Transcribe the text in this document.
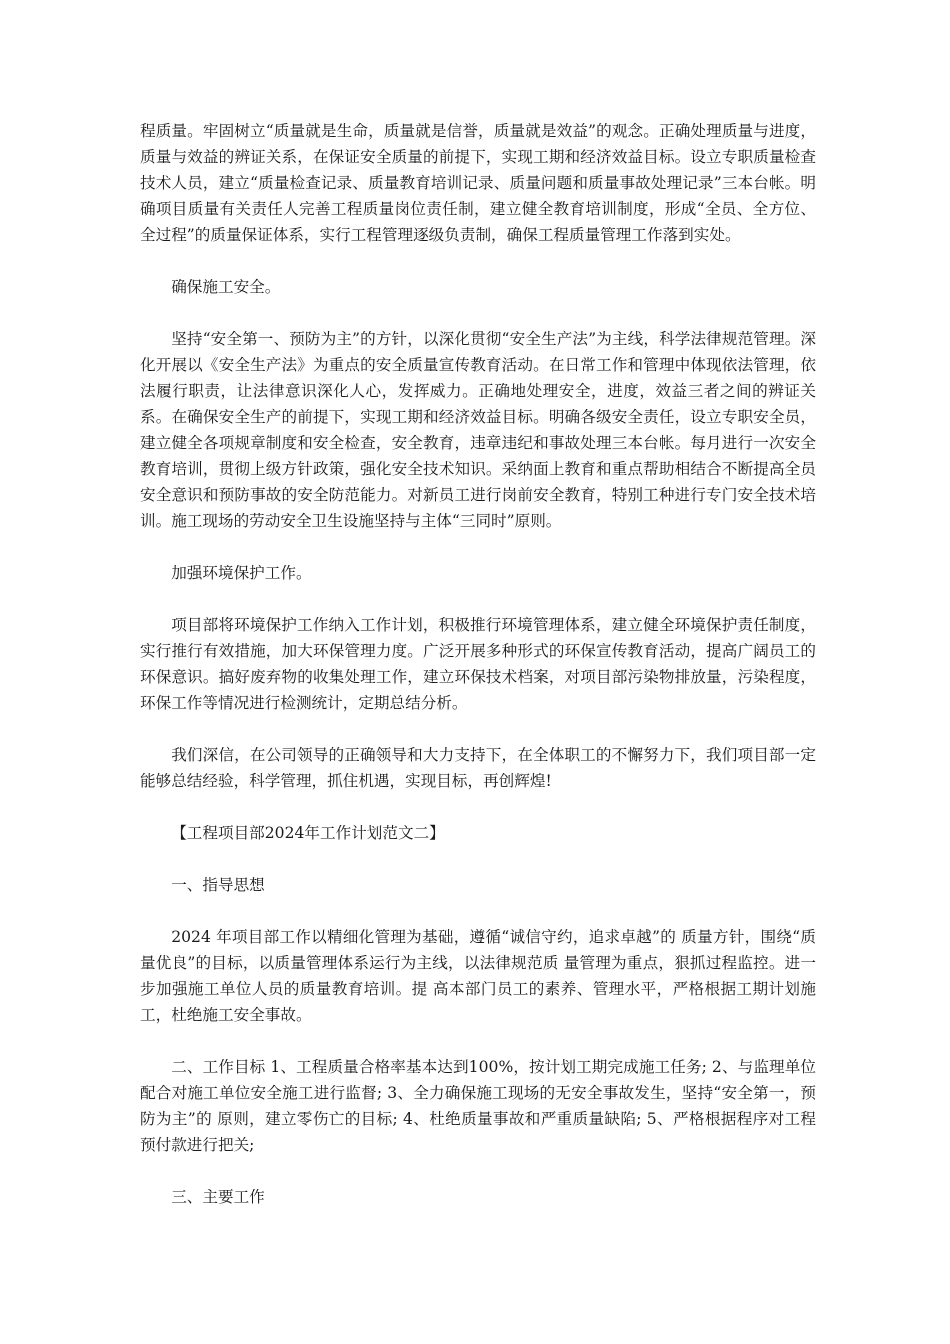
程质量。牢固树立“质量就是生命，质量就是信誉，质量就是效益”的观念。正确处理质量与进度，质量与效益的辨证关系，在保证安全质量的前提下，实现工期和经济效益目标。设立专职质量检查技术人员，建立“质量检查记录、质量教育培训记录、质量问题和质量事故处理记录”三本台帐。明确项目质量有关责任人完善工程质量岗位责任制，建立健全教育培训制度，形成“全员、全方位、全过程”的质量保证体系，实行工程管理逐级负责制，确保工程质量管理工作落到实处。

确保施工安全。

坚持“安全第一、预防为主”的方针，以深化贯彻“安全生产法”为主线，科学法律规范管理。深化开展以《安全生产法》为重点的安全质量宣传教育活动。在日常工作和管理中体现依法管理，依法履行职责，让法律意识深化人心，发挥威力。正确地处理安全，进度，效益三者之间的辨证关系。在确保安全生产的前提下，实现工期和经济效益目标。明确各级安全责任，设立专职安全员，建立健全各项规章制度和安全检查，安全教育，违章违纪和事故处理三本台帐。每月进行一次安全教育培训，贯彻上级方针政策，强化安全技术知识。采纳面上教育和重点帮助相结合不断提高全员安全意识和预防事故的安全防范能力。对新员工进行岗前安全教育，特别工种进行专门安全技术培训。施工现场的劳动安全卫生设施坚持与主体“三同时”原则。

加强环境保护工作。

项目部将环境保护工作纳入工作计划，积极推行环境管理体系，建立健全环境保护责任制度，实行推行有效措施，加大环保管理力度。广泛开展多种形式的环保宣传教育活动，提高广阔员工的环保意识。搞好废弃物的收集处理工作，建立环保技术档案，对项目部污染物排放量，污染程度，环保工作等情况进行检测统计，定期总结分析。

我们深信，在公司领导的正确领导和大力支持下，在全体职工的不懈努力下，我们项目部一定能够总结经验，科学管理，抓住机遇，实现目标，再创辉煌!

【工程项目部2024年工作计划范文二】

一、指导思想

2024 年项目部工作以精细化管理为基础，遵循“诚信守约，追求卓越”的 质量方针，围绕“质量优良”的目标，以质量管理体系运行为主线，以法律规范质 量管理为重点，狠抓过程监控。进一步加强施工单位人员的质量教育培训。提 高本部门员工的素养、管理水平，严格根据工期计划施工，杜绝施工安全事故。

二、工作目标 1、工程质量合格率基本达到100%，按计划工期完成施工任务; 2、与监理单位配合对施工单位安全施工进行监督; 3、全力确保施工现场的无安全事故发生，坚持“安全第一，预防为主”的 原则，建立零伤亡的目标; 4、杜绝质量事故和严重质量缺陷; 5、严格根据程序对工程预付款进行把关;

三、主要工作
